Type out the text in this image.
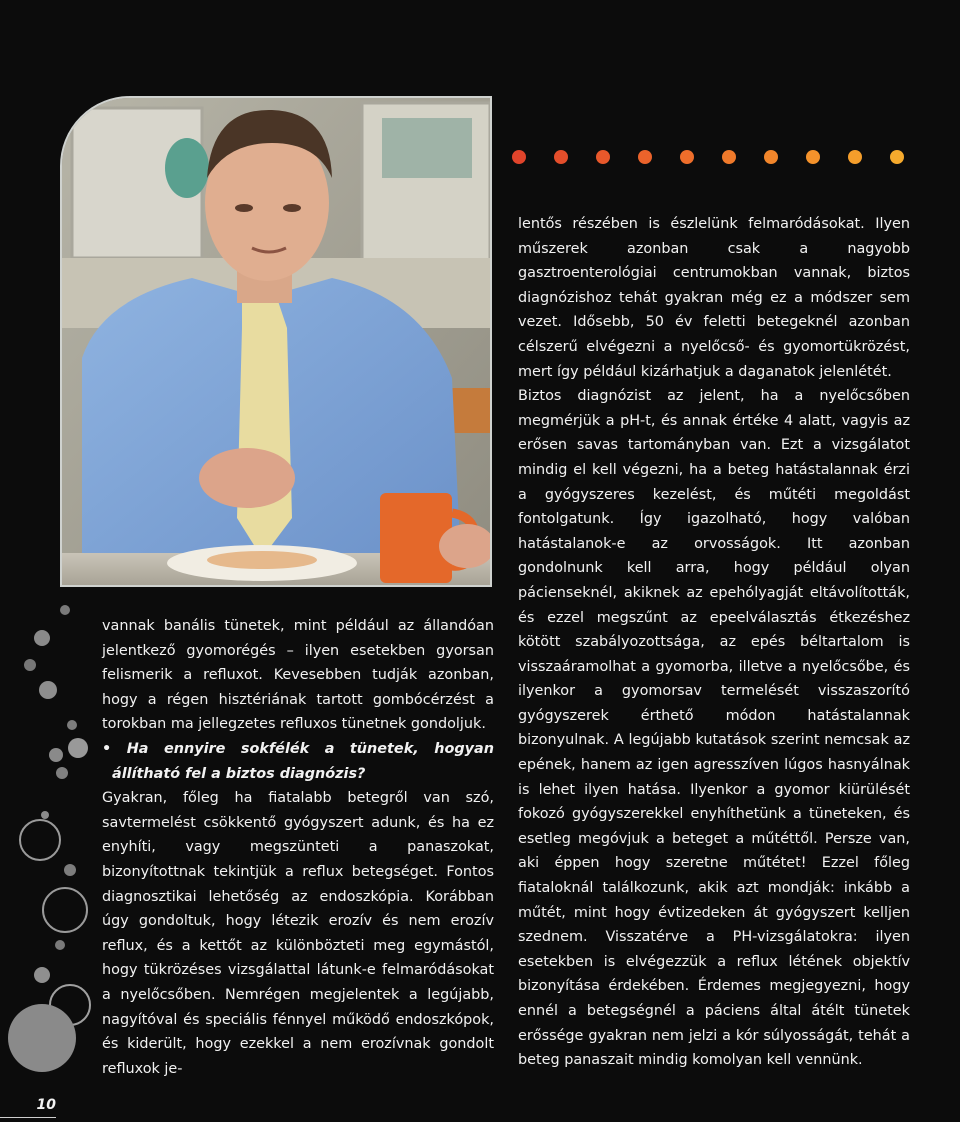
vannak banális tünetek, mint például az állandóan jelentkező gyomorégés – ilyen esetekben gyorsan felismerik a refluxot. Kevesebben tudják azonban, hogy a régen hisztériának tartott gombócérzést a torokban ma jellegzetes refluxos tünetnek gondoljuk.

• Ha ennyire sokfélék a tünetek, hogyan állítható fel a biztos diagnózis?

Gyakran, főleg ha fiatalabb betegről van szó, savtermelést csökkentő gyógyszert adunk, és ha ez enyhíti, vagy megszünteti a panaszokat, bizonyítottnak tekintjük a reflux betegséget. Fontos diagnosztikai lehetőség az endoszkópia. Korábban úgy gondoltuk, hogy létezik erozív és nem erozív reflux, és a kettőt az különbözteti meg egymástól, hogy tükrözéses vizsgálattal látunk-e felmaródásokat a nyelőcsőben. Nemrégen megjelentek a legújabb, nagyítóval és speciális fénnyel működő endoszkópok, és kiderült, hogy ezekkel a nem erozívnak gondolt refluxok je-

lentős részében is észlelünk felmaródásokat. Ilyen műszerek azonban csak a nagyobb gasztroenterológiai centrumokban vannak, biztos diagnózishoz tehát gyakran még ez a módszer sem vezet. Idősebb, 50 év feletti betegeknél azonban célszerű elvégezni a nyelőcső- és gyomortükrözést, mert így például kizárhatjuk a daganatok jelenlétét.

Biztos diagnózist az jelent, ha a nyelőcsőben megmérjük a pH-t, és annak értéke 4 alatt, vagyis az erősen savas tartományban van. Ezt a vizsgálatot mindig el kell végezni, ha a beteg hatástalannak érzi a gyógyszeres kezelést, és műtéti megoldást fontolgatunk. Így igazolható, hogy valóban hatástalanok-e az orvosságok. Itt azonban gondolnunk kell arra, hogy például olyan pácienseknél, akiknek az epehólyagját eltávolították, és ezzel megszűnt az epeelválasztás étkezéshez kötött szabályozottsága, az epés béltartalom is visszaáramolhat a gyomorba, illetve a nyelőcsőbe, és ilyenkor a gyomorsav termelését visszaszorító gyógyszerek érthető módon hatástalannak bizonyulnak. A legújabb kutatások szerint nemcsak az epének, hanem az igen agresszíven lúgos hasnyálnak is lehet ilyen hatása. Ilyenkor a gyomor kiürülését fokozó gyógyszerekkel enyhíthetünk a tüneteken, és esetleg megóvjuk a beteget a műtéttől. Persze van, aki éppen hogy szeretne műtétet! Ezzel főleg fiataloknál találkozunk, akik azt mondják: inkább a műtét, mint hogy évtizedeken át gyógyszert kelljen szednem. Visszatérve a PH-vizsgálatokra: ilyen esetekben is elvégezzük a reflux létének objektív bizonyítása érdekében. Érdemes megjegyezni, hogy ennél a betegségnél a páciens által átélt tünetek erőssége gyakran nem jelzi a kór súlyosságát, tehát a beteg panaszait mindig komolyan kell vennünk.

10
